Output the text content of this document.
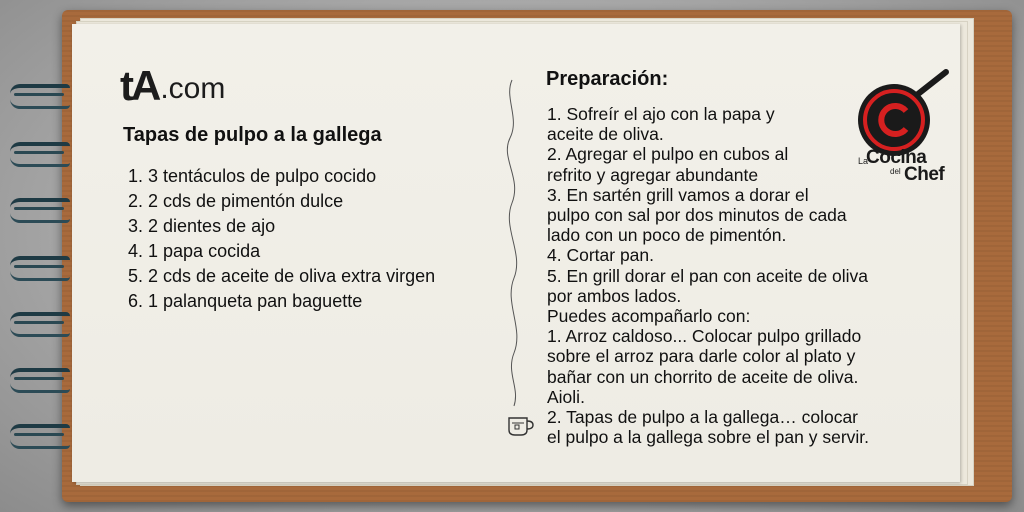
tA .com
Tapas de pulpo a la gallega
1. 3 tentáculos de pulpo cocido
2. 2 cds de pimentón dulce
3. 2 dientes de ajo
4. 1 papa cocida
5. 2 cds de aceite de oliva extra virgen
6. 1 palanqueta pan baguette
Preparación:
1. Sofreír el ajo con la papa y
aceite de oliva.
2. Agregar el pulpo en cubos al
refrito y agregar abundante
3. En sartén grill vamos a dorar el
pulpo con sal por dos minutos de cada
lado con un poco de pimentón.
4. Cortar pan.
5. En grill dorar el pan con aceite de oliva
por ambos lados.
Puedes acompañarlo con:
1. Arroz caldoso... Colocar pulpo grillado
sobre el arroz para darle color al plato y
bañar con un chorrito de aceite de oliva.
Aioli.
2. Tapas de pulpo a la gallega… colocar
el pulpo a la gallega sobre el pan y servir.
La
Cocina
del Chef
